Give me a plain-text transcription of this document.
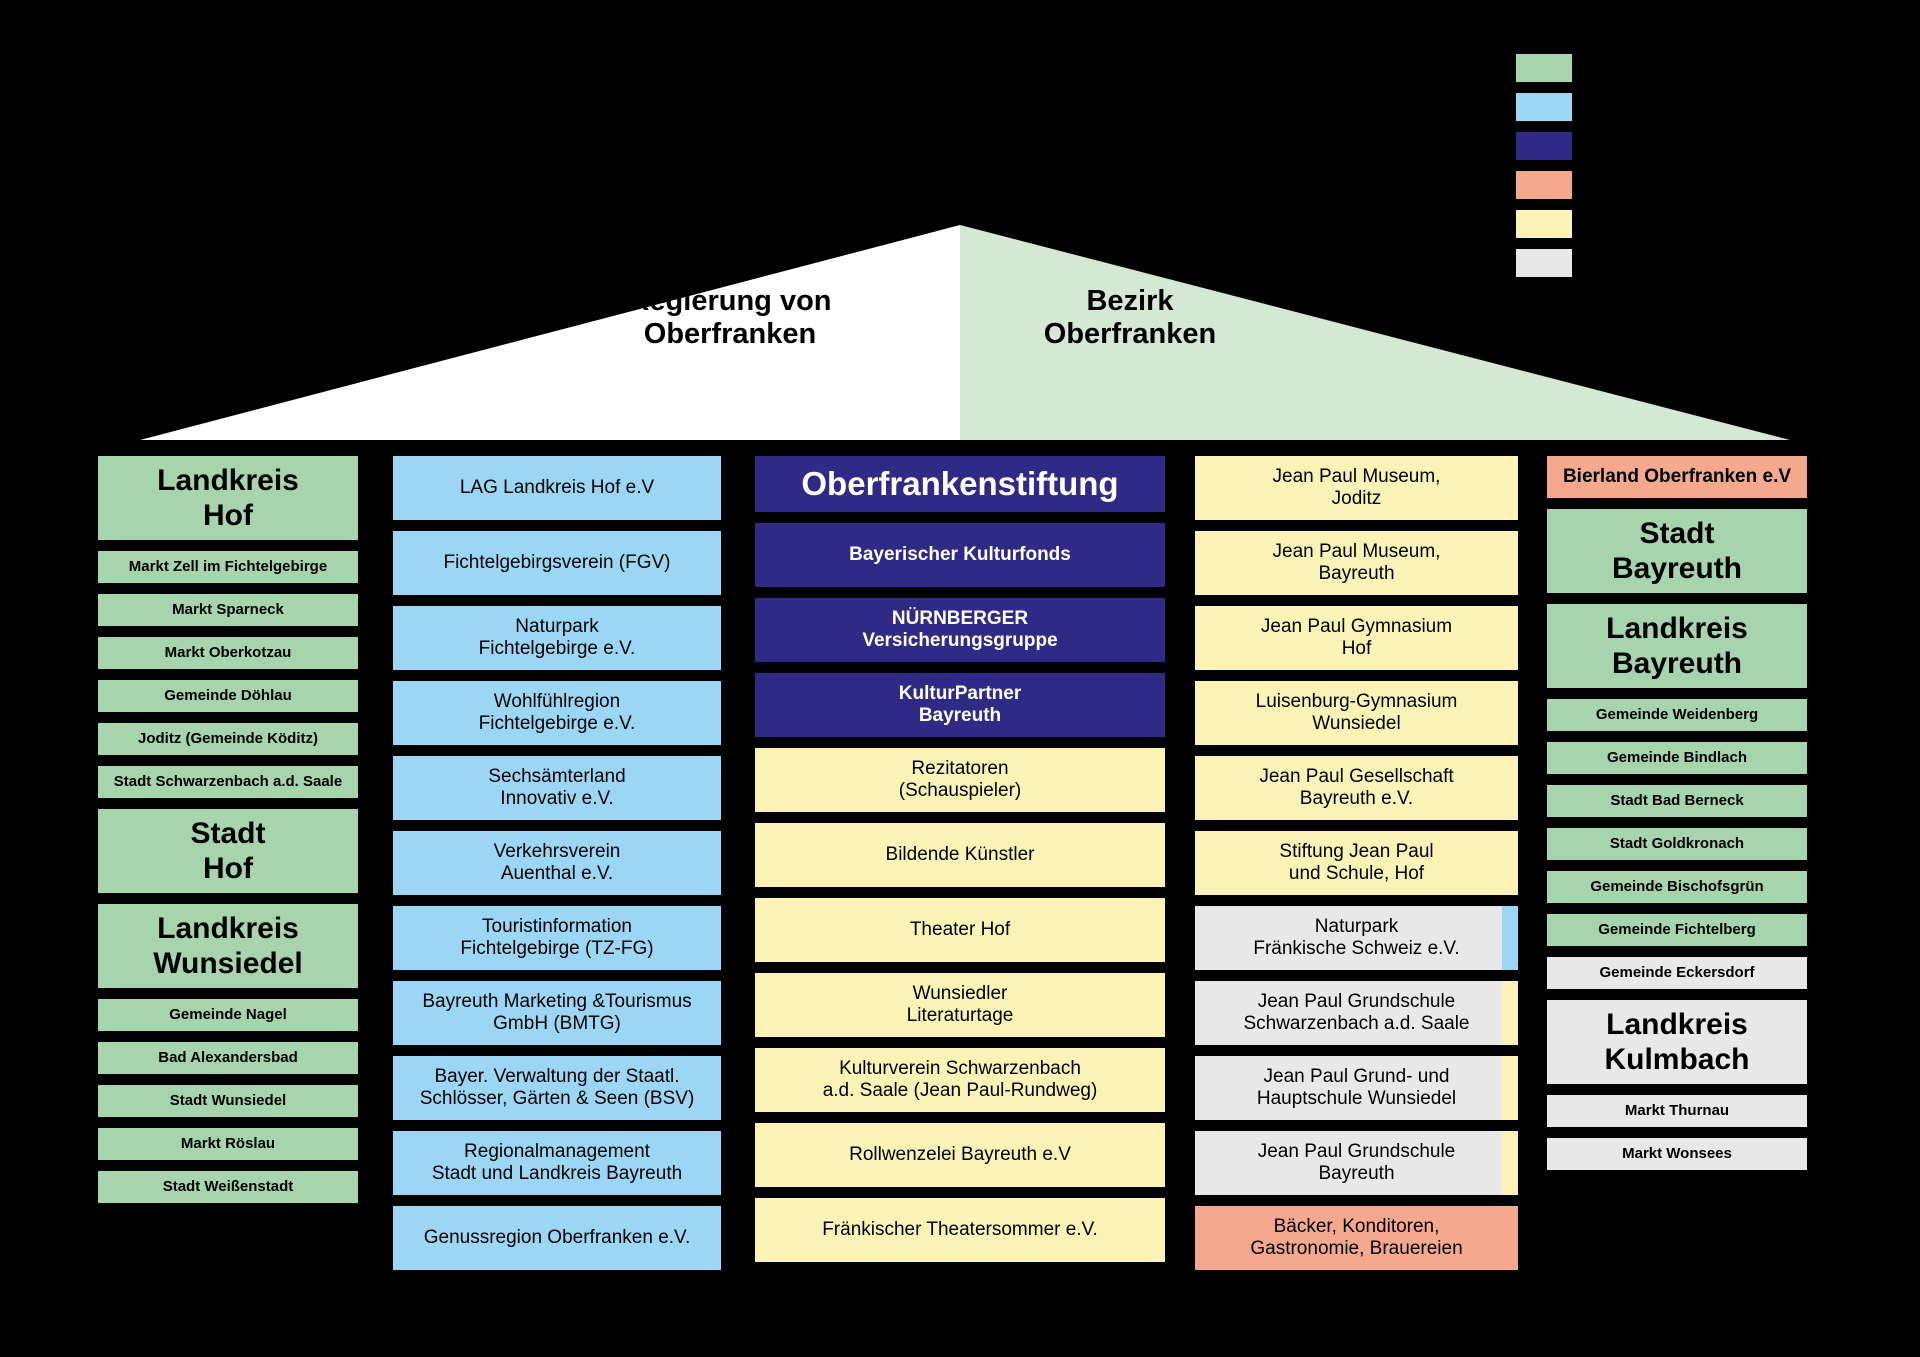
Regierung von
Oberfranken
Bezirk
Oberfranken
Landkreis
Hof
Markt Zell im Fichtelgebirge
Markt Sparneck
Markt Oberkotzau
Gemeinde Döhlau
Joditz (Gemeinde Köditz)
Stadt Schwarzenbach a.d. Saale
Stadt
Hof
Landkreis
Wunsiedel
Gemeinde Nagel
Bad Alexandersbad
Stadt Wunsiedel
Markt Röslau
Stadt Weißenstadt
LAG Landkreis Hof e.V
Fichtelgebirgsverein (FGV)
Naturpark
Fichtelgebirge e.V.
Wohlfühlregion
Fichtelgebirge e.V.
Sechsämterland
Innovativ e.V.
Verkehrsverein
Auenthal e.V.
Touristinformation
Fichtelgebirge (TZ-FG)
Bayreuth Marketing &Tourismus
GmbH (BMTG)
Bayer. Verwaltung der Staatl.
Schlösser, Gärten & Seen (BSV)
Regionalmanagement
Stadt und Landkreis Bayreuth
Genussregion Oberfranken e.V.
Oberfrankenstiftung
Bayerischer Kulturfonds
NÜRNBERGER
Versicherungsgruppe
KulturPartner
Bayreuth
Rezitatoren
(Schauspieler)
Bildende Künstler
Theater Hof
Wunsiedler
Literaturtage
Kulturverein Schwarzenbach
a.d. Saale (Jean Paul-Rundweg)
Rollwenzelei Bayreuth e.V
Fränkischer Theatersommer e.V.
Jean Paul Museum,
Joditz
Jean Paul Museum,
Bayreuth
Jean Paul Gymnasium
Hof
Luisenburg-Gymnasium
Wunsiedel
Jean Paul Gesellschaft
Bayreuth e.V.
Stiftung Jean Paul
und Schule, Hof
Naturpark
Fränkische Schweiz e.V.
Jean Paul Grundschule
Schwarzenbach a.d. Saale
Jean Paul Grund- und
Hauptschule Wunsiedel
Jean Paul Grundschule
Bayreuth
Bäcker, Konditoren,
Gastronomie, Brauereien
Bierland Oberfranken e.V
Stadt
Bayreuth
Landkreis
Bayreuth
Gemeinde Weidenberg
Gemeinde Bindlach
Stadt Bad Berneck
Stadt Goldkronach
Gemeinde Bischofsgrün
Gemeinde Fichtelberg
Gemeinde Eckersdorf
Landkreis
Kulmbach
Markt Thurnau
Markt Wonsees
